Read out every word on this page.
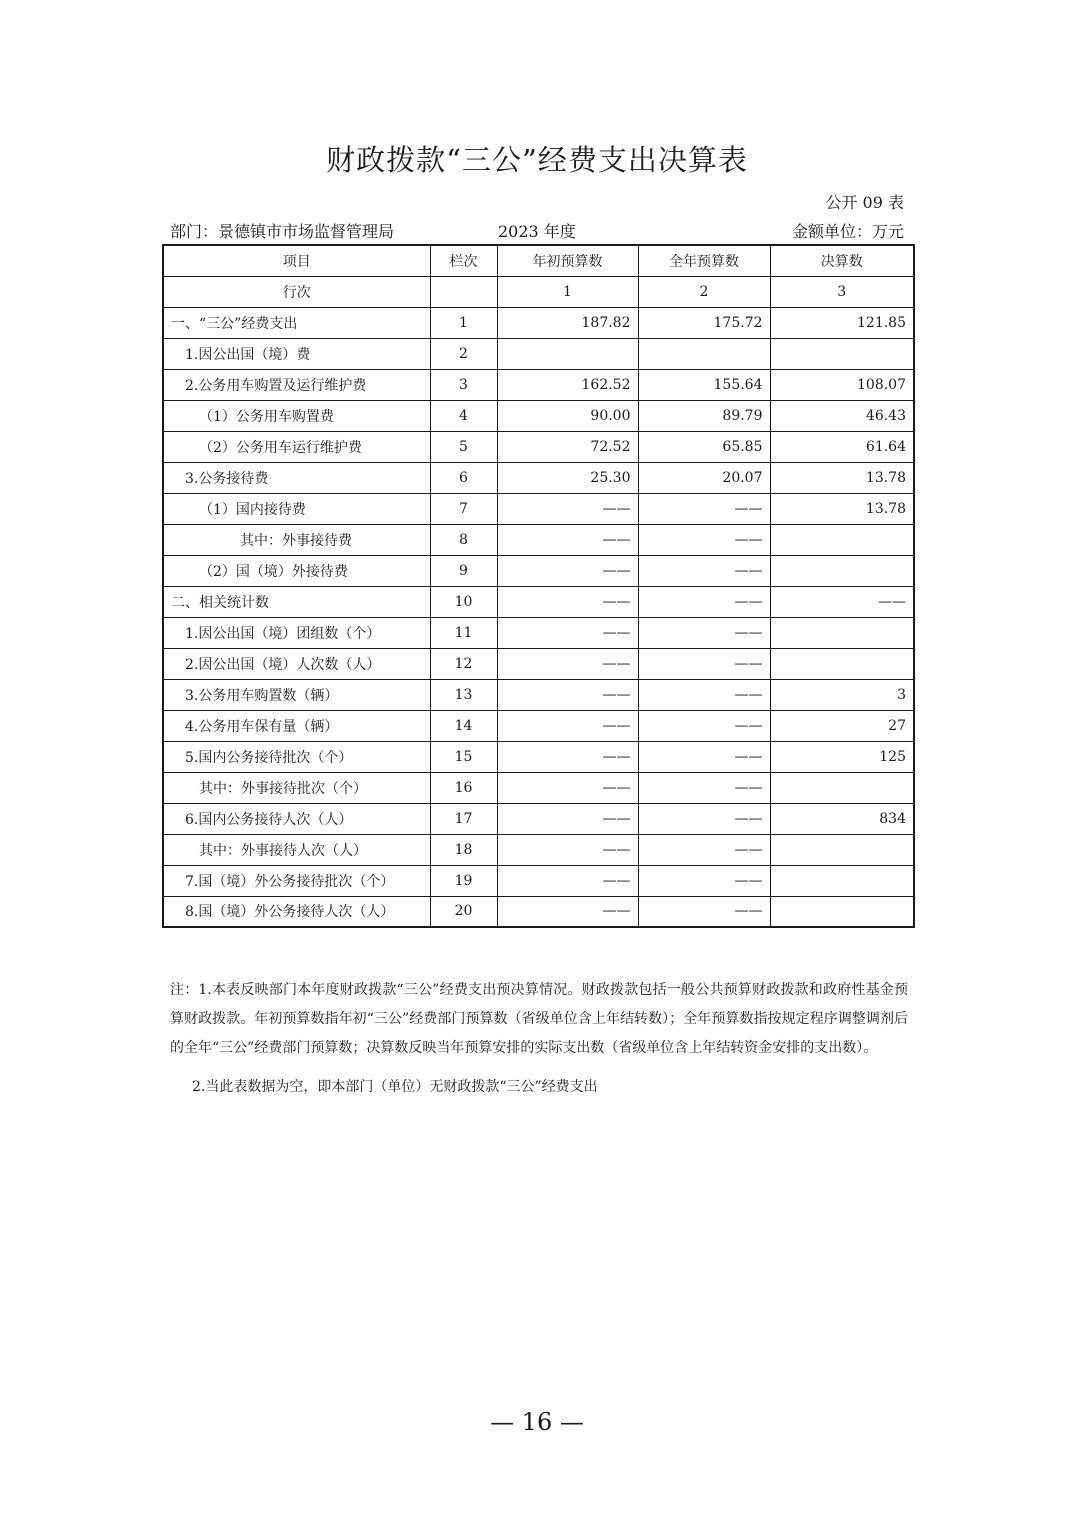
财政拨款“三公”经费支出决算表
公开 09 表
部门：景德镇市市场监督管理局	2023 年度	金额单位：万元
项目	栏次	年初预算数	全年预算数	决算数
行次		1	2	3
一、“三公”经费支出	1	187.82	175.72	121.85
1.因公出国（境）费	2			
2.公务用车购置及运行维护费	3	162.52	155.64	108.07
（1）公务用车购置费	4	90.00	89.79	46.43
（2）公务用车运行维护费	5	72.52	65.85	61.64
3.公务接待费	6	25.30	20.07	13.78
（1）国内接待费	7	——	——	13.78
其中：外事接待费	8	——	——	
（2）国（境）外接待费	9	——	——	
二、相关统计数	10	——	——	——
1.因公出国（境）团组数（个）	11	——	——	
2.因公出国（境）人次数（人）	12	——	——	
3.公务用车购置数（辆）	13	——	——	3
4.公务用车保有量（辆）	14	——	——	27
5.国内公务接待批次（个）	15	——	——	125
其中：外事接待批次（个）	16	——	——	
6.国内公务接待人次（人）	17	——	——	834
其中：外事接待人次（人）	18	——	——	
7.国（境）外公务接待批次（个）	19	——	——	
8.国（境）外公务接待人次（人）	20	——	——	

注：1.本表反映部门本年度财政拨款“三公”经费支出预决算情况。财政拨款包括一般公共预算财政拨款和政府性基金预算财政拨款。年初预算数指年初“三公”经费部门预算数（省级单位含上年结转数）；全年预算数指按规定程序调整调剂后的全年“三公”经费部门预算数；决算数反映当年预算安排的实际支出数（省级单位含上年结转资金安排的支出数）。

2.当此表数据为空，即本部门（单位）无财政拨款“三公”经费支出

— 16 —
